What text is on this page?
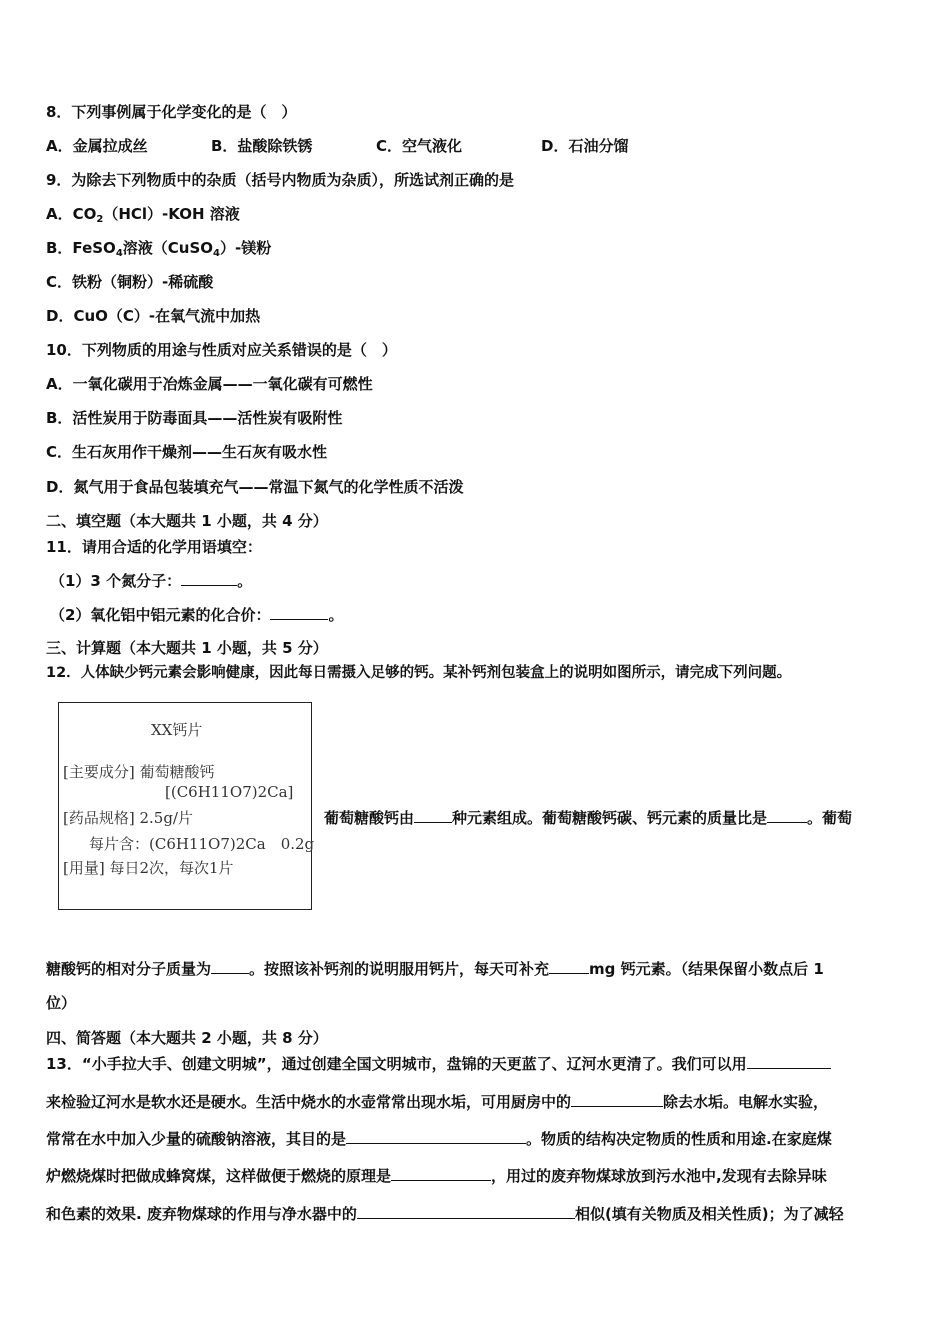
8．下列事例属于化学变化的是（　）
A．金属拉成丝	B．盐酸除铁锈	C．空气液化	D．石油分馏
9．为除去下列物质中的杂质（括号内物质为杂质），所选试剂正确的是
A．$CO_2(HCl)$-KOH 溶液
B．FeSO$_4$溶液（CuSO$_4$）-镁粉
C．铁粉（铜粉）-稀硫酸
D．CuO（C）-在氧气流中加热
10．下列物质的用途与性质对应关系错误的是（　）
A．一氧化碳用于冶炼金属——一氧化碳有可燃性
B．活性炭用于防毒面具——活性炭有吸附性
C．生石灰用作干燥剂——生石灰有吸水性
D．氮气用于食品包装填充气——常温下氮气的化学性质不活泼
二、填空题（本大题共 1 小题，共 4 分）
11．请用合适的化学用语填空：
（1）3 个氮分子：	。
（2）氧化铝中铝元素的化合价：	。
三、计算题（本大题共 1 小题，共 5 分）
12．人体缺少钙元素会影响健康，因此每日需摄入足够的钙。某补钙剂包装盒上的说明如图所示，请完成下列问题。
XX钙片
[主要成分] 葡萄糖酸钙
[(C6H11O7)2Ca]
[药品规格] 2.5g/片
每片含：(C6H11O7)2Ca　0.2g
[用量] 每日2次，每次1片
葡萄糖酸钙由	种元素组成。葡萄糖酸钙碳、钙元素的质量比是	。葡萄
糖酸钙的相对分子质量为	。按照该补钙剂的说明服用钙片，每天可补充	mg 钙元素。（结果保留小数点后 1
位）
四、简答题（本大题共 2 小题，共 8 分）
13．“小手拉大手、创建文明城”，通过创建全国文明城市，盘锦的天更蓝了、辽河水更清了。我们可以用
来检验辽河水是软水还是硬水。生活中烧水的水壶常常出现水垢，可用厨房中的	除去水垢。电解水实验，
常常在水中加入少量的硫酸钠溶液，其目的是	。物质的结构决定物质的性质和用途.在家庭煤
炉燃烧煤时把做成蜂窝煤，这样做便于燃烧的原理是	，用过的废弃物煤球放到污水池中,发现有去除异味
和色素的效果. 废弃物煤球的作用与净水器中的	相似(填有关物质及相关性质)；为了减轻
